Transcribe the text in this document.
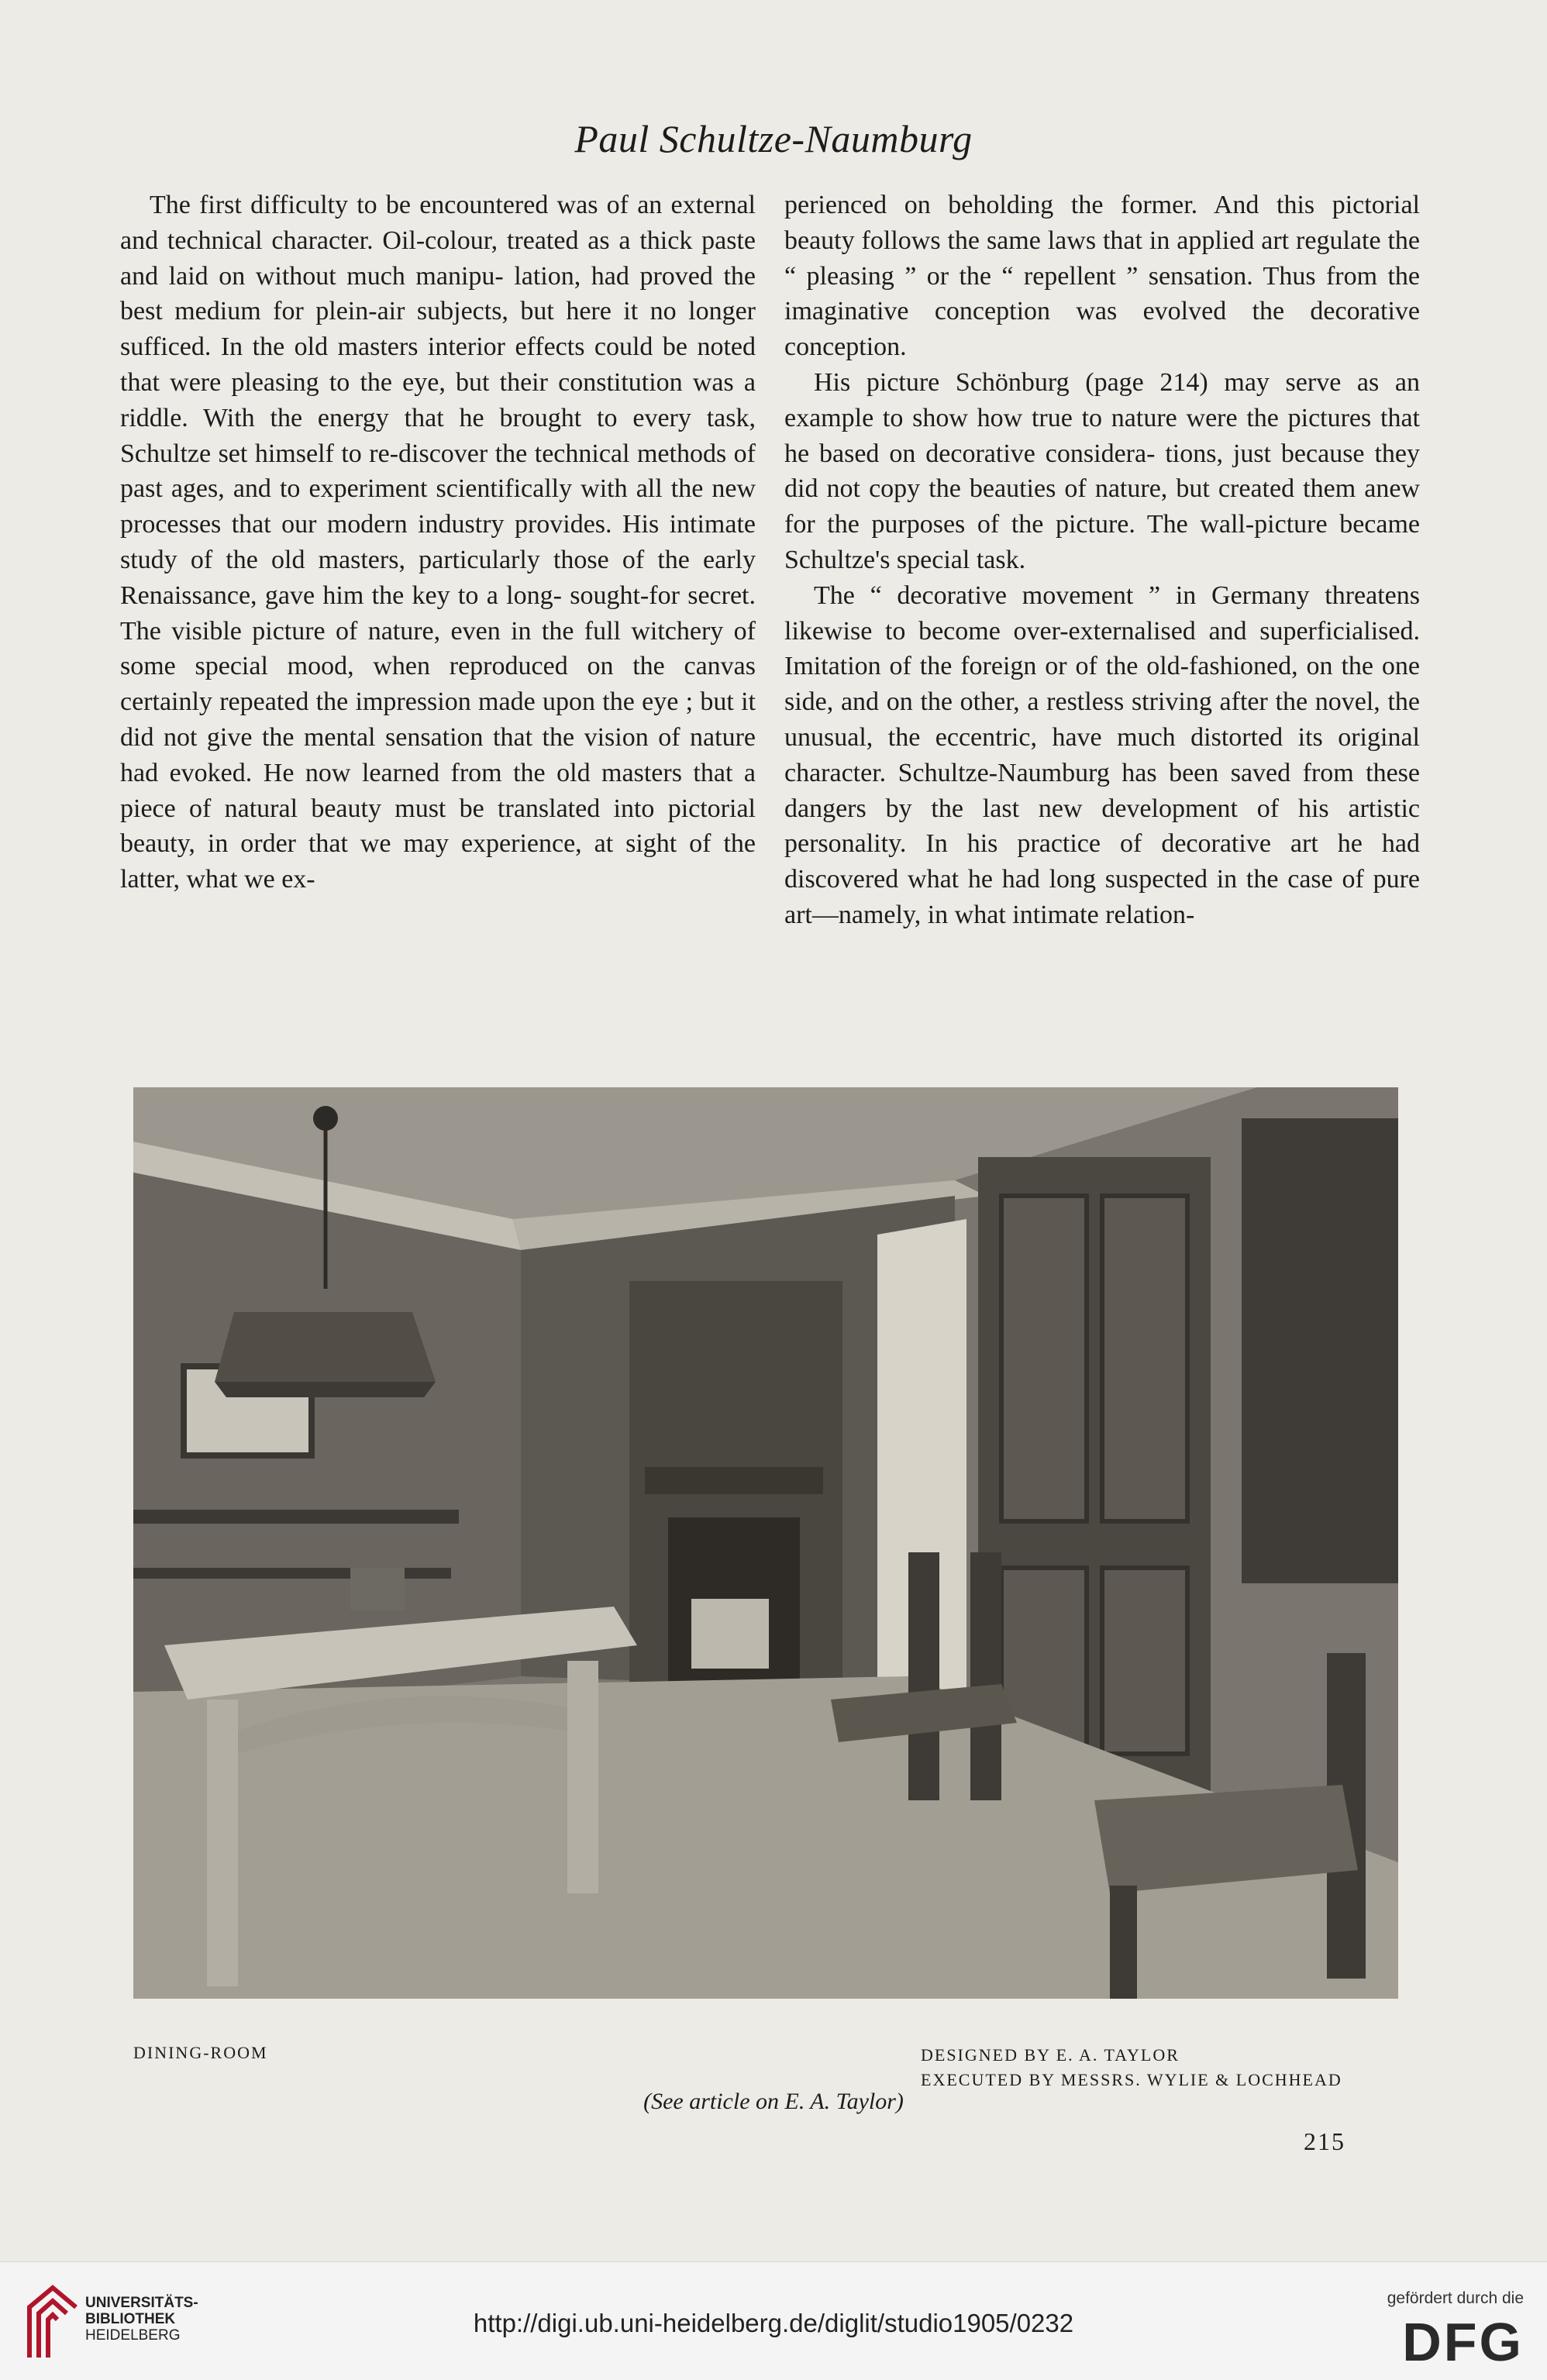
Paul Schultze-Naumburg

The first difficulty to be encountered was of an external and technical character. Oil-colour, treated as a thick paste and laid on without much manipu- lation, had proved the best medium for plein-air subjects, but here it no longer sufficed. In the old masters interior effects could be noted that were pleasing to the eye, but their constitution was a riddle. With the energy that he brought to every task, Schultze set himself to re-discover the technical methods of past ages, and to experiment scientifically with all the new processes that our modern industry provides. His intimate study of the old masters, particularly those of the early Renaissance, gave him the key to a long- sought-for secret. The visible picture of nature, even in the full witchery of some special mood, when reproduced on the canvas certainly repeated the impression made upon the eye ; but it did not give the mental sensation that the vision of nature had evoked. He now learned from the old masters that a piece of natural beauty must be translated into pictorial beauty, in order that we may experience, at sight of the latter, what we ex-

perienced on beholding the former. And this pictorial beauty follows the same laws that in applied art regulate the “ pleasing ” or the “ repellent ” sensation. Thus from the imaginative conception was evolved the decorative conception.

His picture Schönburg (page 214) may serve as an example to show how true to nature were the pictures that he based on decorative considera- tions, just because they did not copy the beauties of nature, but created them anew for the purposes of the picture. The wall-picture became Schultze's special task.

The “ decorative movement ” in Germany threatens likewise to become over-externalised and superficialised. Imitation of the foreign or of the old-fashioned, on the one side, and on the other, a restless striving after the novel, the unusual, the eccentric, have much distorted its original character. Schultze-Naumburg has been saved from these dangers by the last new development of his artistic personality. In his practice of decorative art he had discovered what he had long suspected in the case of pure art—namely, in what intimate relation-

DINING-ROOM	DESIGNED BY E. A. TAYLOR
EXECUTED BY MESSRS. WYLIE & LOCHHEAD
(See article on E. A. Taylor)
215
UNIVERSITÄTS-
BIBLIOTHEK
HEIDELBERG	http://digi.ub.uni-heidelberg.de/diglit/studio1905/0232
gefördert durch die
DFG
